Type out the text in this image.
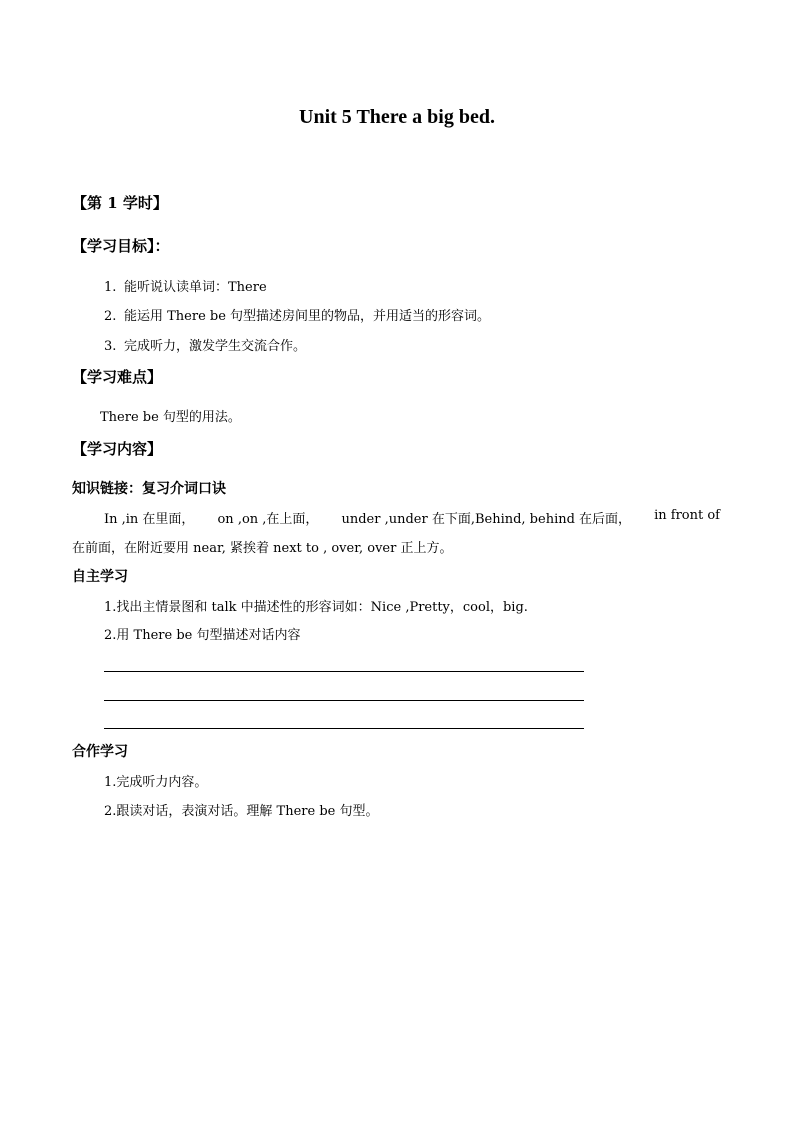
Unit 5 There a big bed.
【第 1 学时】
【学习目标】：
1. 能听说认读单词：There
2. 能运用 There be 句型描述房间里的物品，并用适当的形容词。
3. 完成听力，激发学生交流合作。
【学习难点】
There be 句型的用法。
【学习内容】
知识链接：复习介词口诀
In ,in 在里面， on ,on ,在上面， under ,under 在下面,Behind, behind 在后面， in front of
在前面，在附近要用 near, 紧挨着 next to , over, over 正上方。
自主学习
1.找出主情景图和 talk 中描述性的形容词如：Nice ,Pretty，cool，big.
2.用 There be 句型描述对话内容
合作学习
1.完成听力内容。
2.跟读对话，表演对话。理解 There be 句型。
